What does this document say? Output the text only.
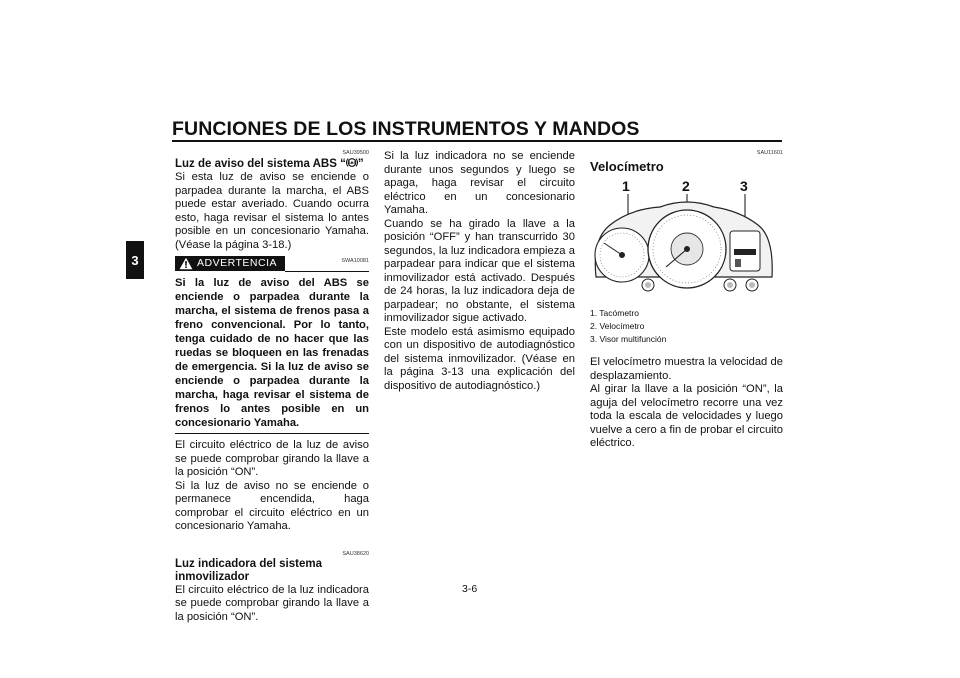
FUNCIONES DE LOS INSTRUMENTOS Y MANDOS
3
SAU39500
Luz de aviso del sistema ABS “ ABS ”

Si esta luz de aviso se enciende o parpadea durante la marcha, el ABS puede estar averiado. Cuando ocurra esto, haga revisar el sistema lo antes posible en un concesionario Yamaha. (Véase la página 3-18.)

ADVERTENCIA	SWA10081
Si la luz de aviso del ABS se enciende o parpadea durante la marcha, el sistema de frenos pasa a freno convencional. Por lo tanto, tenga cuidado de no hacer que las ruedas se bloqueen en las frenadas de emergencia. Si la luz de aviso se enciende o parpadea durante la marcha, haga revisar el sistema de frenos lo antes posible en un concesionario Yamaha.

El circuito eléctrico de la luz de aviso se puede comprobar girando la llave a la posición “ON”.

Si la luz de aviso no se enciende o permanece encendida, haga comprobar el circuito eléctrico en un concesionario Yamaha.

SAU38620
Luz indicadora del sistema inmovilizador

El circuito eléctrico de la luz indicadora se puede comprobar girando la llave a la posición “ON”.

Si la luz indicadora no se enciende durante unos segundos y luego se apaga, haga revisar el circuito eléctrico en un concesionario Yamaha.

Cuando se ha girado la llave a la posición “OFF” y han transcurrido 30 segundos, la luz indicadora empieza a parpadear para indicar que el sistema inmovilizador está activado. Después de 24 horas, la luz indicadora deja de parpadear; no obstante, el sistema inmovilizador sigue activado.

Este modelo está asimismo equipado con un dispositivo de autodiagnóstico del sistema inmovilizador. (Véase en la página 3-13 una explicación del dispositivo de autodiagnóstico.)

SAU11601
Velocímetro
1	2	3
1. Tacómetro
2. Velocímetro
3. Visor multifunción

El velocímetro muestra la velocidad de desplazamiento.

Al girar la llave a la posición “ON”, la aguja del velocímetro recorre una vez toda la escala de velocidades y luego vuelve a cero a fin de probar el circuito eléctrico.

3-6
